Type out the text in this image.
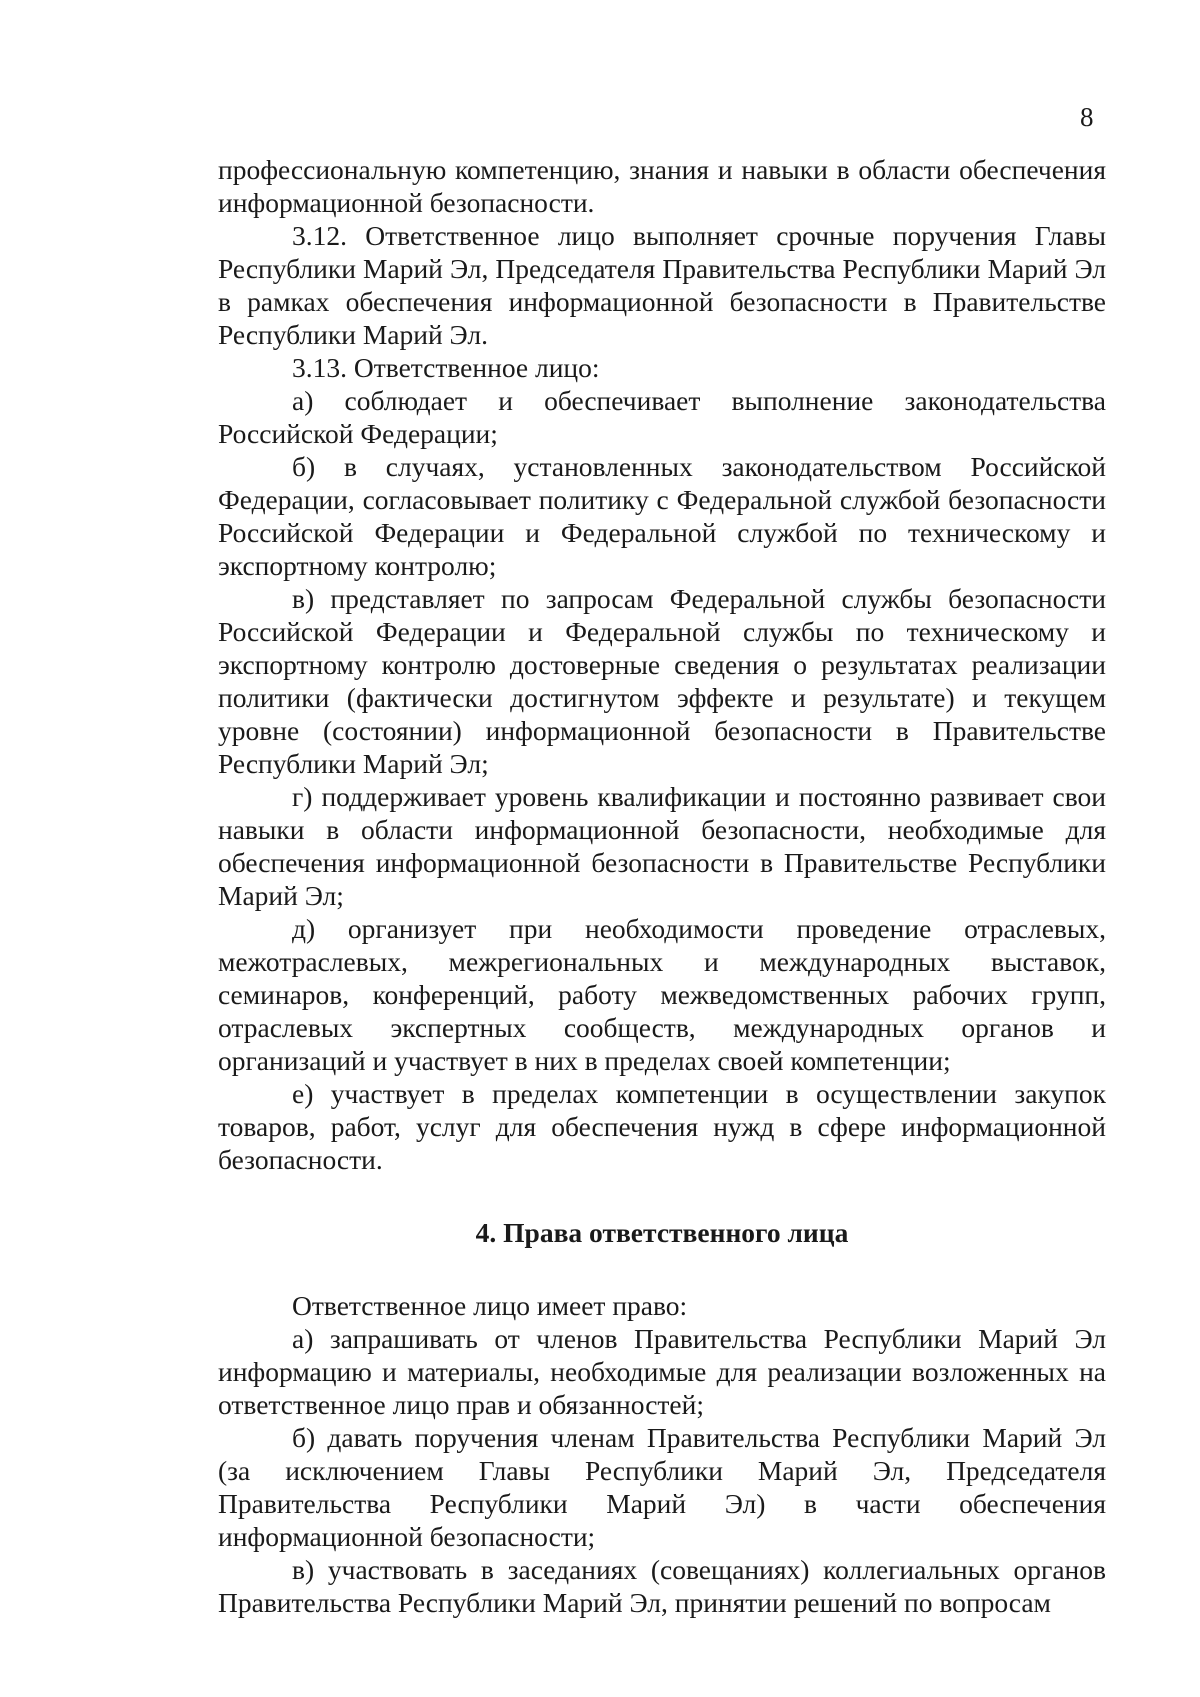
8

профессиональную компетенцию, знания и навыки в области обеспечения информационной безопасности.

3.12. Ответственное лицо выполняет срочные поручения Главы Республики Марий Эл, Председателя Правительства Республики Марий Эл в рамках обеспечения информационной безопасности в Правительстве Республики Марий Эл.

3.13. Ответственное лицо:

а) соблюдает и обеспечивает выполнение законодательства Российской Федерации;

б) в случаях, установленных законодательством Российской Федерации, согласовывает политику с Федеральной службой безопасности Российской Федерации и Федеральной службой по техническому и экспортному контролю;

в) представляет по запросам Федеральной службы безопасности Российской Федерации и Федеральной службы по техническому и экспортному контролю достоверные сведения о результатах реализации политики (фактически достигнутом эффекте и результате) и текущем уровне (состоянии) информационной безопасности в Правительстве Республики Марий Эл;

г) поддерживает уровень квалификации и постоянно развивает свои навыки в области информационной безопасности, необходимые для обеспечения информационной безопасности в Правительстве Республики Марий Эл;

д) организует при необходимости проведение отраслевых, межотраслевых, межрегиональных и международных выставок, семинаров, конференций, работу межведомственных рабочих групп, отраслевых экспертных сообществ, международных органов и организаций и участвует в них в пределах своей компетенции;

е) участвует в пределах компетенции в осуществлении закупок товаров, работ, услуг для обеспечения нужд в сфере информационной безопасности.

4. Права ответственного лица

Ответственное лицо имеет право:

а) запрашивать от членов Правительства Республики Марий Эл информацию и материалы, необходимые для реализации возложенных на ответственное лицо прав и обязанностей;

б) давать поручения членам Правительства Республики Марий Эл (за исключением Главы Республики Марий Эл, Председателя Правительства Республики Марий Эл) в части обеспечения информационной безопасности;

в) участвовать в заседаниях (совещаниях) коллегиальных органов Правительства Республики Марий Эл, принятии решений по вопросам
